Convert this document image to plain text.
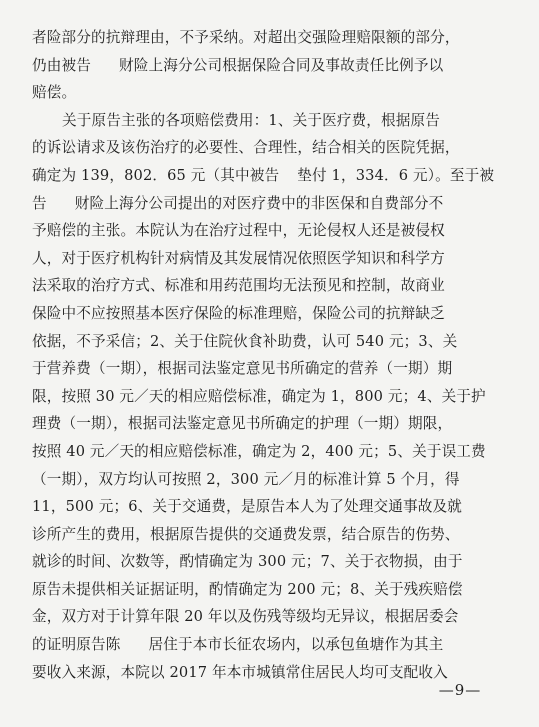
者险部分的抗辩理由，不予采纳。对超出交强险理赔限额的部分，
仍由被告 财险上海分公司根据保险合同及事故责任比例予以
赔偿。
关于原告主张的各项赔偿费用：1、关于医疗费，根据原告
的诉讼请求及该伤治疗的必要性、合理性，结合相关的医院凭据，
确定为 139，802．65 元（其中被告 垫付 1，334．6 元）。至于被
告 财险上海分公司提出的对医疗费中的非医保和自费部分不
予赔偿的主张。本院认为在治疗过程中，无论侵权人还是被侵权
人，对于医疗机构针对病情及其发展情况依照医学知识和科学方
法采取的治疗方式、标准和用药范围均无法预见和控制，故商业
保险中不应按照基本医疗保险的标准理赔，保险公司的抗辩缺乏
依据，不予采信；2、关于住院伙食补助费，认可 540 元；3、关
于营养费（一期），根据司法鉴定意见书所确定的营养（一期）期
限，按照 30 元／天的相应赔偿标准，确定为 1，800 元；4、关于护
理费（一期），根据司法鉴定意见书所确定的护理（一期）期限，
按照 40 元／天的相应赔偿标准，确定为 2，400 元；5、关于误工费
（一期），双方均认可按照 2，300 元／月的标准计算 5 个月，得
11，500 元；6、关于交通费，是原告本人为了处理交通事故及就
诊所产生的费用，根据原告提供的交通费发票，结合原告的伤势、
就诊的时间、次数等，酌情确定为 300 元；7、关于衣物损，由于
原告未提供相关证据证明，酌情确定为 200 元；8、关于残疾赔偿
金，双方对于计算年限 20 年以及伤残等级均无异议，根据居委会
的证明原告陈 居住于本市长征农场内，以承包鱼塘作为其主
要收入来源，本院以 2017 年本市城镇常住居民人均可支配收入
—9—
